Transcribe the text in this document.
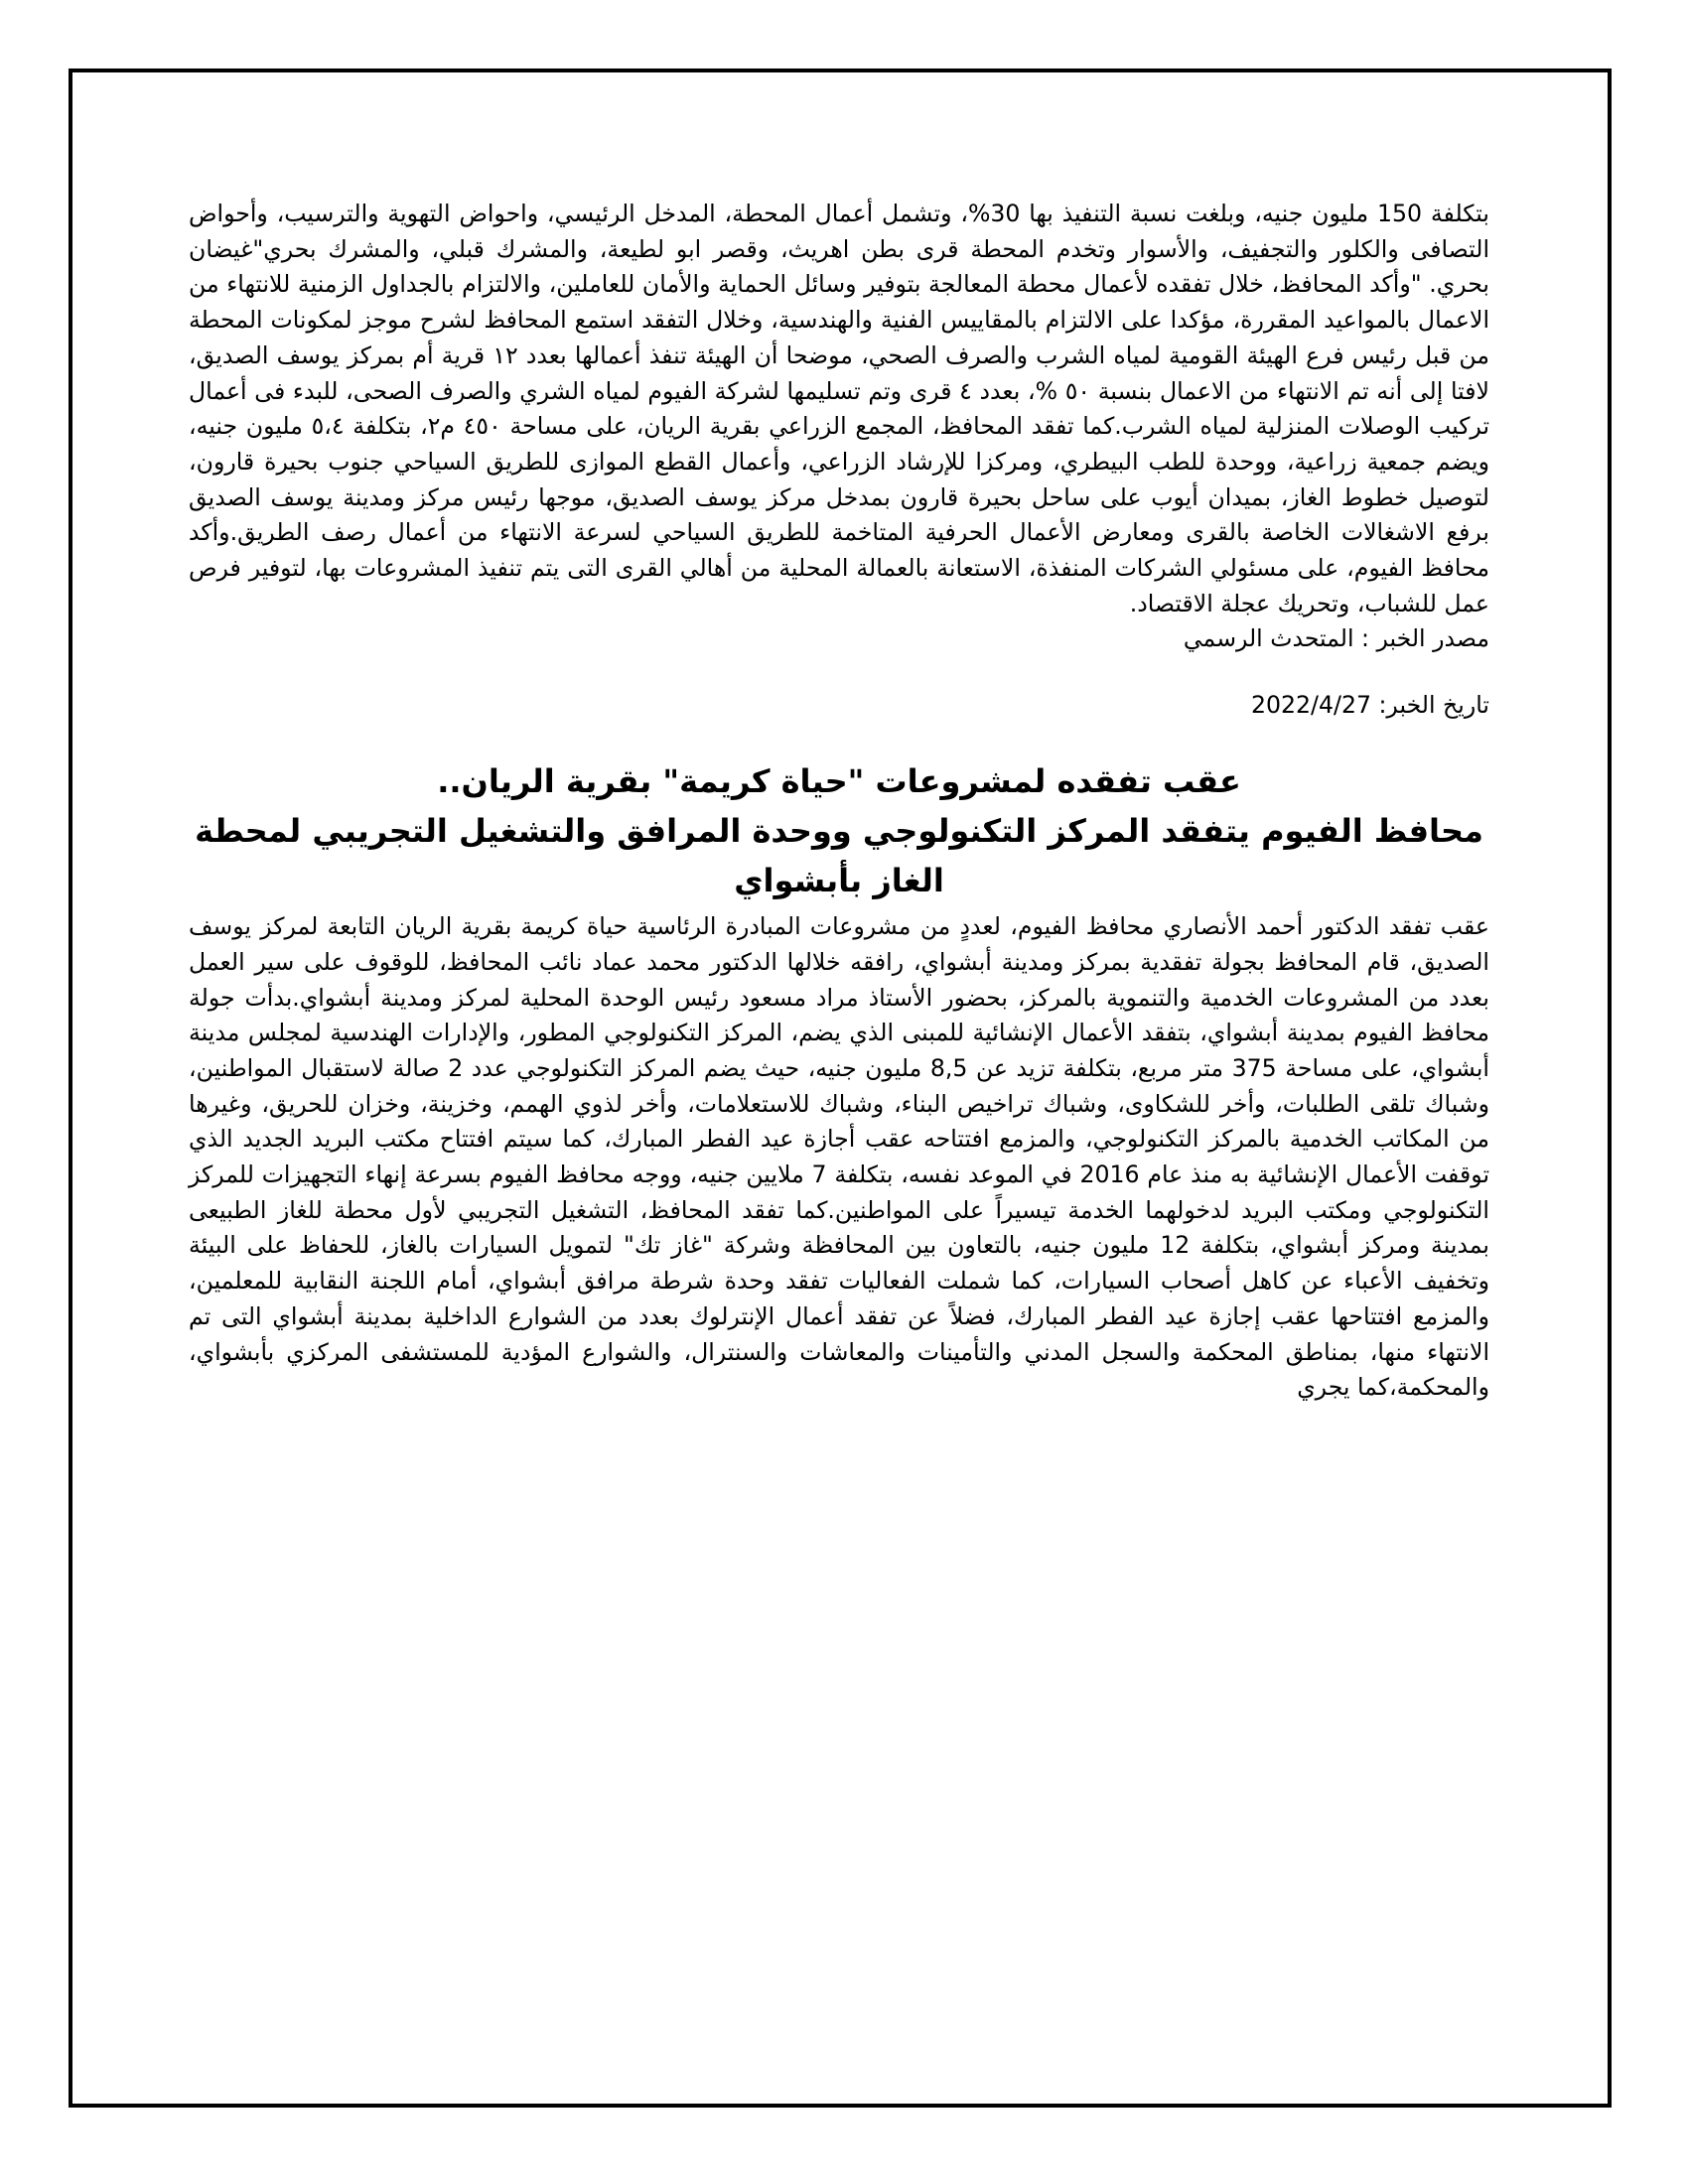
بتكلفة 150 مليون جنيه، وبلغت نسبة التنفيذ بها 30%، وتشمل أعمال المحطة، المدخل الرئيسي، واحواض التهوية والترسيب، وأحواض التصافى والكلور والتجفيف، والأسوار وتخدم المحطة قرى بطن اهريث، وقصر ابو لطيعة، والمشرك قبلي، والمشرك بحري"غيضان بحري. "وأكد المحافظ، خلال تفقده لأعمال محطة المعالجة بتوفير وسائل الحماية والأمان للعاملين، والالتزام بالجداول الزمنية للانتهاء من الاعمال بالمواعيد المقررة، مؤكدا على الالتزام بالمقاييس الفنية والهندسية، وخلال التفقد استمع المحافظ لشرح موجز لمكونات المحطة من قبل رئيس فرع الهيئة القومية لمياه الشرب والصرف الصحي، موضحا أن الهيئة تنفذ أعمالها بعدد ١٢ قرية أم بمركز يوسف الصديق، لافتا إلى أنه تم الانتهاء من الاعمال بنسبة ٥٠ %، بعدد ٤ قرى وتم تسليمها لشركة الفيوم لمياه الشري والصرف الصحى، للبدء فى أعمال تركيب الوصلات المنزلية لمياه الشرب.كما تفقد المحافظ، المجمع الزراعي بقرية الريان، على مساحة ٤٥٠ م٢، بتكلفة ٥،٤ مليون جنيه، ويضم جمعية زراعية، ووحدة للطب البيطري، ومركزا للإرشاد الزراعي، وأعمال القطع الموازى للطريق السياحي جنوب بحيرة قارون، لتوصيل خطوط الغاز، بميدان أيوب على ساحل بحيرة قارون بمدخل مركز يوسف الصديق، موجها رئيس مركز ومدينة يوسف الصديق برفع الاشغالات الخاصة بالقرى ومعارض الأعمال الحرفية المتاخمة للطريق السياحي لسرعة الانتهاء من أعمال رصف الطريق.وأكد محافظ الفيوم، على مسئولي الشركات المنفذة، الاستعانة بالعمالة المحلية من أهالي القرى التى يتم تنفيذ المشروعات بها، لتوفير فرص عمل للشباب، وتحريك عجلة الاقتصاد.

مصدر الخبر : المتحدث الرسمي

تاريخ الخبر: 2022/4/27

عقب تفقده لمشروعات "حياة كريمة" بقرية الريان..
محافظ الفيوم يتفقد المركز التكنولوجي ووحدة المرافق والتشغيل التجريبي لمحطة الغاز بأبشواي

عقب تفقد الدكتور أحمد الأنصاري محافظ الفيوم، لعددٍ من مشروعات المبادرة الرئاسية حياة كريمة بقرية الريان التابعة لمركز يوسف الصديق، قام المحافظ بجولة تفقدية بمركز ومدينة أبشواي، رافقه خلالها الدكتور محمد عماد نائب المحافظ، للوقوف على سير العمل بعدد من المشروعات الخدمية والتنموية بالمركز، بحضور الأستاذ مراد مسعود رئيس الوحدة المحلية لمركز ومدينة أبشواي.بدأت جولة محافظ الفيوم بمدينة أبشواي، بتفقد الأعمال الإنشائية للمبنى الذي يضم، المركز التكنولوجي المطور، والإدارات الهندسية لمجلس مدينة أبشواي، على مساحة 375 متر مربع، بتكلفة تزيد عن 8,5 مليون جنيه، حيث يضم المركز التكنولوجي عدد 2 صالة لاستقبال المواطنين، وشباك تلقى الطلبات، وأخر للشكاوى، وشباك تراخيص البناء، وشباك للاستعلامات، وأخر لذوي الهمم، وخزينة، وخزان للحريق، وغيرها من المكاتب الخدمية بالمركز التكنولوجي، والمزمع افتتاحه عقب أجازة عيد الفطر المبارك، كما سيتم افتتاح مكتب البريد الجديد الذي توقفت الأعمال الإنشائية به منذ عام 2016 في الموعد نفسه، بتكلفة 7 ملايين جنيه، ووجه محافظ الفيوم بسرعة إنهاء التجهيزات للمركز التكنولوجي ومكتب البريد لدخولهما الخدمة تيسيراً على المواطنين.كما تفقد المحافظ، التشغيل التجريبي لأول محطة للغاز الطبيعى بمدينة ومركز أبشواي، بتكلفة 12 مليون جنيه، بالتعاون بين المحافظة وشركة "غاز تك" لتمويل السيارات بالغاز، للحفاظ على البيئة وتخفيف الأعباء عن كاهل أصحاب السيارات، كما شملت الفعاليات تفقد وحدة شرطة مرافق أبشواي، أمام اللجنة النقابية للمعلمين، والمزمع افتتاحها عقب إجازة عيد الفطر المبارك، فضلاً عن تفقد أعمال الإنترلوك بعدد من الشوارع الداخلية بمدينة أبشواي التى تم الانتهاء منها، بمناطق المحكمة والسجل المدني والتأمينات والمعاشات والسنترال، والشوارع المؤدية للمستشفى المركزي بأبشواي، والمحكمة،كما يجري
